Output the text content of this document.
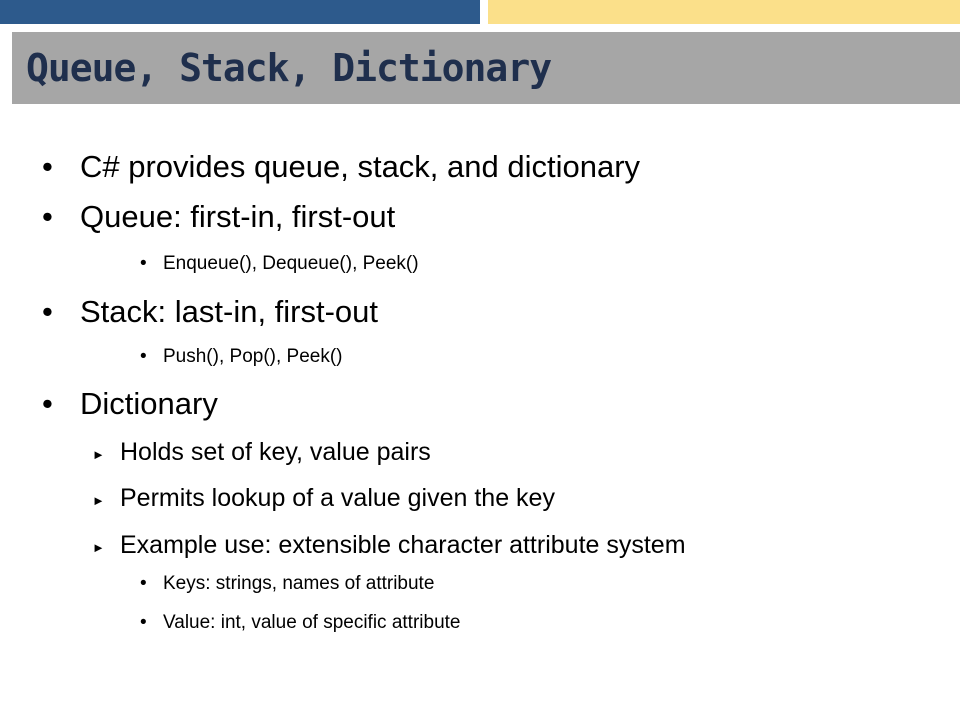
Queue, Stack, Dictionary
• C# provides queue, stack, and dictionary
• Queue: first-in, first-out
• Enqueue(), Dequeue(), Peek()
• Stack: last-in, first-out
• Push(), Pop(), Peek()
• Dictionary
► Holds set of key, value pairs
► Permits lookup of a value given the key
► Example use: extensible character attribute system
• Keys: strings, names of attribute
• Value: int, value of specific attribute
